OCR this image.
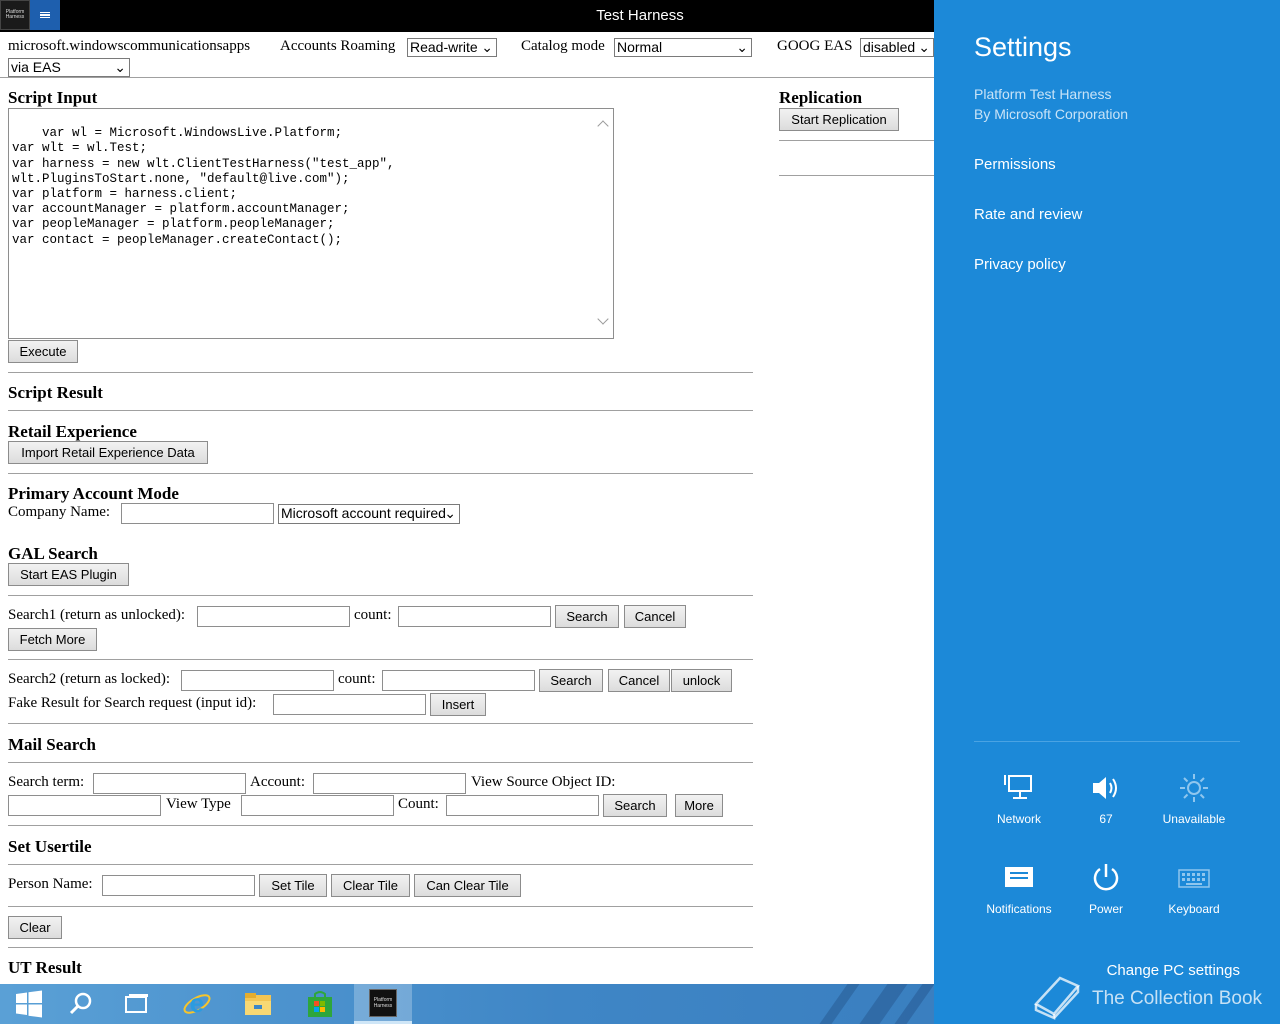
Platform Harness	Test Harness
microsoft.windowscommunicationsapps Accounts Roaming Read-write ⌄ Catalog mode Normal	⌄ GOOG EAS disabled ⌄
via EAS	⌄
Script Input

var wl = Microsoft.WindowsLive.Platform;
var wlt = wl.Test;
var harness = new wlt.ClientTestHarness("test_app",
wlt.PluginsToStart.none, "default@live.com");
var platform = harness.client;
var accountManager = platform.accountManager;
var peopleManager = platform.peopleManager;
var contact = peopleManager.createContact();

Execute
Replication
Start Replication
Script Result
Retail Experience
Import Retail Experience Data
Primary Account Mode
Company Name:	Microsoft account required
⌄
GAL Search
Start EAS Plugin
Search1 (return as unlocked):	count:	Search	Cancel
Fetch More
Search2 (return as locked):	count:	Search	Cancel	unlock
Fake Result for Search request (input id):	Insert
Mail Search
Search term:	Account:	View Source Object ID:
View Type	Count:	Search	More
Set Usertile
Person Name:	Set Tile	Clear Tile	Can Clear Tile
Clear
UT Result
e	Platform Harness
Settings
Platform Test Harness
By Microsoft Corporation
Permissions
Rate and review
Privacy policy
Network	67	Unavailable
Notifications	Power	Keyboard
Change PC settings
The Collection Book
